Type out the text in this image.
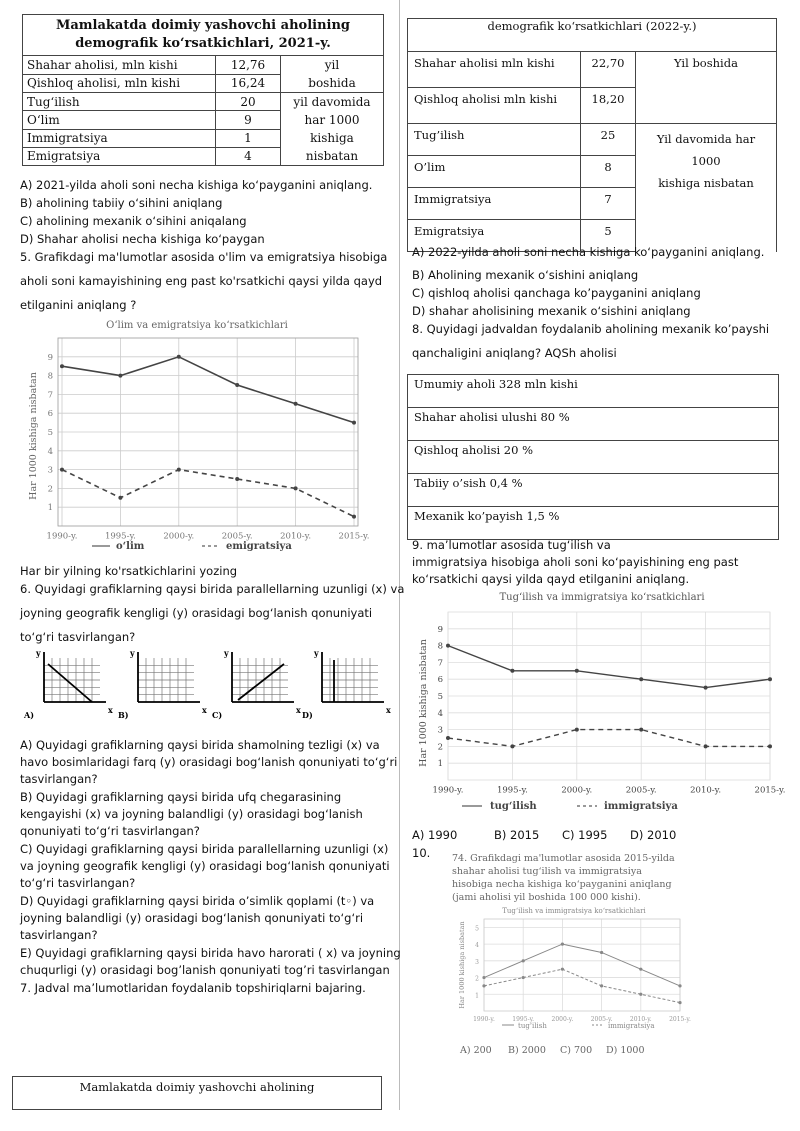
Mamlakatda doimiy yashovchi aholining
demografik ko‘rsatkichlari, 2021-y.		
Shahar aholisi, mln kishi	12,76	yil
boshida
Qishloq aholisi, mln kishi	16,24	
Tug‘ilish	20	yil davomida
har 1000
kishiga
nisbatan
O‘lim	9	
Immigratsiya	1	
Emigratsiya	4	
A) 2021-yilda aholi soni necha kishiga ko‘payganini aniqlang.
B) aholining tabiiy o‘sihini aniqlang
C) aholining mexanik o‘sihini aniqalang
D) Shahar aholisi necha kishiga ko‘paygan
5. Grafikdagi ma'lumotlar asosida o'lim va emigratsiya hisobiga
aholi soni kamayishining eng past ko'rsatkichi qaysi yilda qayd
etilganini aniqlang ?
O‘lim va emigratsiya ko‘rsatkichlari
Har 1000 kishiga nisbatan
1
2
3
4
5
6
7
8
9
1990-y.	1995-y.	2000-y.	2005-y.	2010-y.	2015-y.
o‘lim	emigratsiya
Har bir yilning ko'rsatkichlarini yozing
6. Quyidagi grafiklarning qaysi birida parallellarning uzunligi (x) va
joyning geografik kengligi (y) orasidagi bog‘lanish qonuniyati
to‘g‘ri tasvirlangan?
y
x
A)
y
x
B)
y
x
C)
y
x
D)
A) Quyidagi grafiklarning qaysi birida shamolning tezligi (x) va
havo bosimlaridagi farq (y) orasidagi bog‘lanish qonuniyati to‘g‘ri
tasvirlangan?
B) Quyidagi grafiklarning qaysi birida ufq chegarasining
kengayishi (x) va joyning balandligi (y) orasidagi bog‘lanish
qonuniyati to‘g‘ri tasvirlangan?
C) Quyidagi grafiklarning qaysi birida parallellarning uzunligi (x)
va joyning geografik kengligi (y) orasidagi bog‘lanish qonuniyati
to‘g‘ri tasvirlangan?
D) Quyidagi grafiklarning qaysi birida o’simlik qoplami (t◦) va
joyning balandligi (y) orasidagi bog‘lanish qonuniyati to‘g‘ri
tasvirlangan?
E) Quyidagi grafiklarning qaysi birida havo harorati ( x) va joyning
chuqurligi (y) orasidagi bog’lanish qonuniyati tog’ri tasvirlangan
7. Jadval ma’lumotlaridan foydalanib topshiriqlarni bajaring.
Mamlakatda doimiy yashovchi aholining
demografik ko‘rsatkichlari (2022-y.)		
Shahar aholisi mln kishi	22,70	Yil boshida
Qishloq aholisi mln kishi	18,20	
Tug’ilish	25	Yil davomida har 1000
kishiga nisbatan
O’lim	8	
Immigratsiya	7	
Emigratsiya	5	
A) 2022-yilda aholi soni necha kishiga ko‘payganini aniqlang.
B) Aholining mexanik o‘sishini aniqlang
C) qishloq aholisi qanchaga ko’payganini aniqlang
D) shahar aholisining mexanik o‘sishini aniqlang
8. Quyidagi jadvaldan foydalanib aholining mexanik ko’payshi
qanchaligini aniqlang? AQSh aholisi
Umumiy aholi 328 mln kishi
Shahar aholisi ulushi 80 %
Qishloq aholisi 20 %
Tabiiy o’sish 0,4 %
Mexanik ko’payish 1,5 %
9. ma’lumotlar asosida tug‘ilish va
immigratsiya hisobiga aholi soni ko‘payishining eng past
ko‘rsatkichi qaysi yilda qayd etilganini aniqlang.
Tug‘ilish va immigratsiya ko‘rsatkichlari
Har 1000 kishiga nisbatan 1
2
3
4
5
6
7
8
9
1990-y.	1995-y.	2000-y.	2005-y.	2010-y.	2015-y.
tug‘ilish	immigratsiya
A) 1990	B) 2015 C) 1995 D) 2010
10. 74. Grafikdagi ma'lumotlar asosida 2015-yilda
shahar aholisi tug‘ilish va immigratsiya
hisobiga necha kishiga ko‘payganini aniqlang
(jami aholisi yil boshida 100 000 kishi).
Tug‘ilish va immigratsiya ko‘rsatkichlari
Har 1000 kishiga nisbatan 1
2
3
4
5
1990-y.	1995-y.	2000-y.	2005-y.	2010-y.	2015-y.
tug‘ilish	immigratsiya
A) 200 B) 2000 C) 700 D) 1000
